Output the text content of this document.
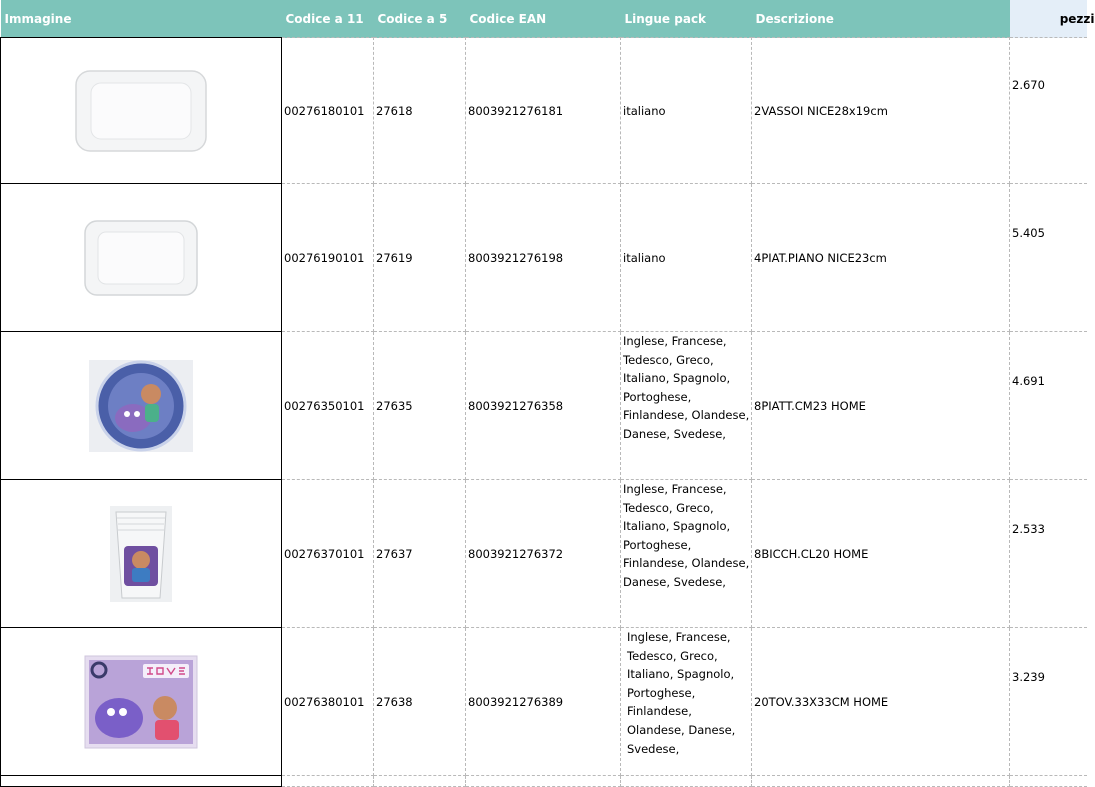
Immagine	Codice a 11	Codice a 5	Codice EAN	Lingue pack	Descrizione	pezzi
	00276180101	27618	8003921276181	italiano	2VASSOI NICE28x19cm	2.670
	00276190101	27619	8003921276198	italiano	4PIAT.PIANO NICE23cm	5.405
	00276350101	27635	8003921276358	Inglese, Francese, Tedesco, Greco, Italiano, Spagnolo, Portoghese, Finlandese, Olandese, Danese, Svedese,	8PIATT.CM23 HOME	4.691
	00276370101	27637	8003921276372	Inglese, Francese, Tedesco, Greco, Italiano, Spagnolo, Portoghese, Finlandese, Olandese, Danese, Svedese,	8BICCH.CL20 HOME	2.533
	00276380101	27638	8003921276389	Inglese, Francese, Tedesco, Greco, Italiano, Spagnolo, Portoghese, Finlandese, Olandese, Danese, Svedese,	20TOV.33X33CM HOME	3.239
